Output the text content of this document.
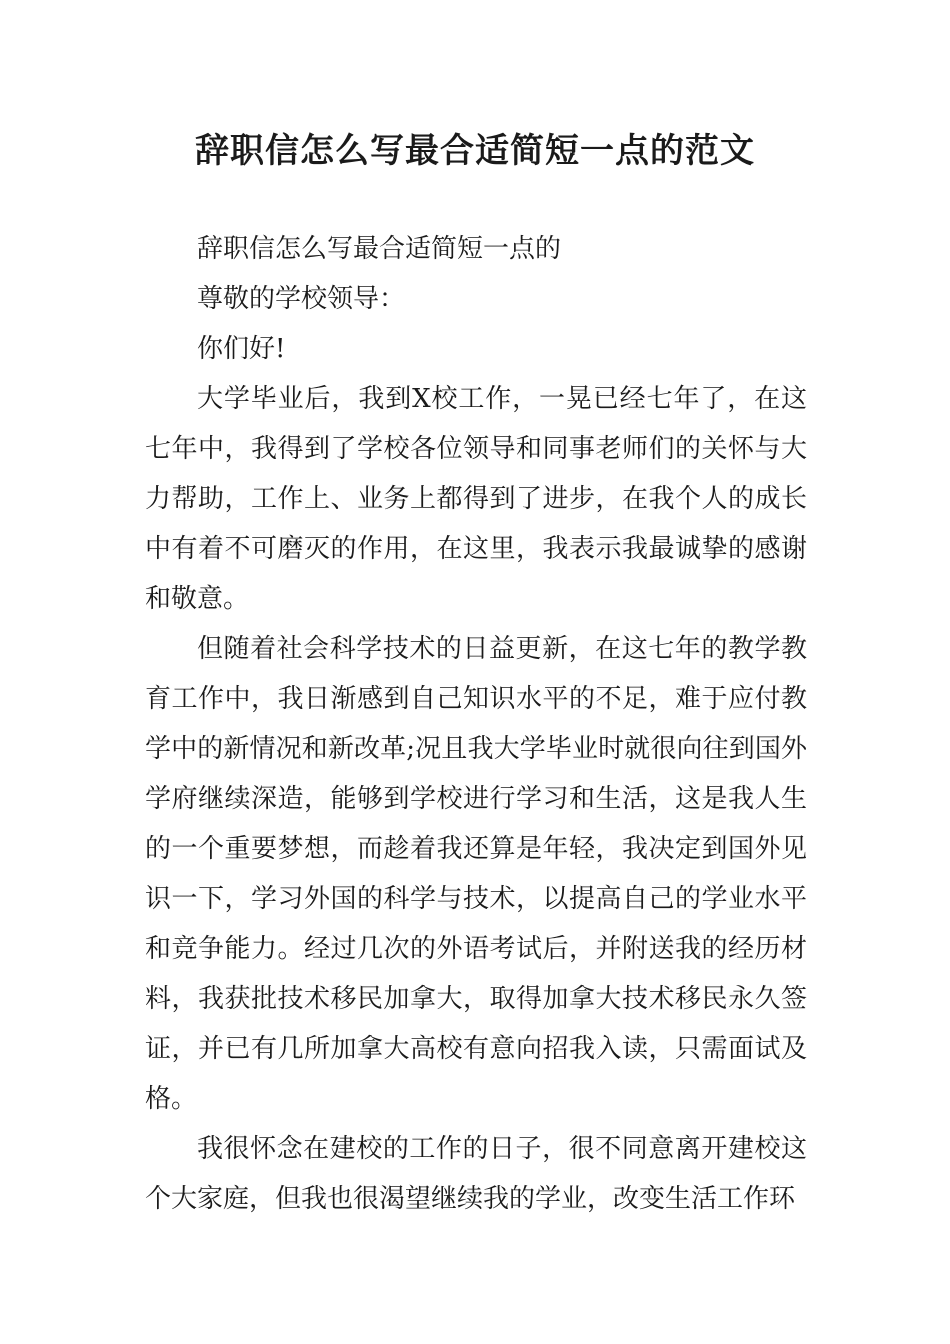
辞职信怎么写最合适简短一点的范文

辞职信怎么写最合适简短一点的

尊敬的学校领导：

你们好!

大学毕业后，我到X校工作，一晃已经七年了，在这七年中，我得到了学校各位领导和同事老师们的关怀与大力帮助，工作上、业务上都得到了进步，在我个人的成长中有着不可磨灭的作用，在这里，我表示我最诚挚的感谢和敬意。

但随着社会科学技术的日益更新，在这七年的教学教育工作中，我日渐感到自己知识水平的不足，难于应付教学中的新情况和新改革;况且我大学毕业时就很向往到国外学府继续深造，能够到学校进行学习和生活，这是我人生的一个重要梦想，而趁着我还算是年轻，我决定到国外见识一下，学习外国的科学与技术，以提高自己的学业水平和竞争能力。经过几次的外语考试后，并附送我的经历材料，我获批技术移民加拿大，取得加拿大技术移民永久签证，并已有几所加拿大高校有意向招我入读，只需面试及格。

我很怀念在建校的工作的日子，很不同意离开建校这个大家庭，但我也很渴望继续我的学业，改变生活工作环
